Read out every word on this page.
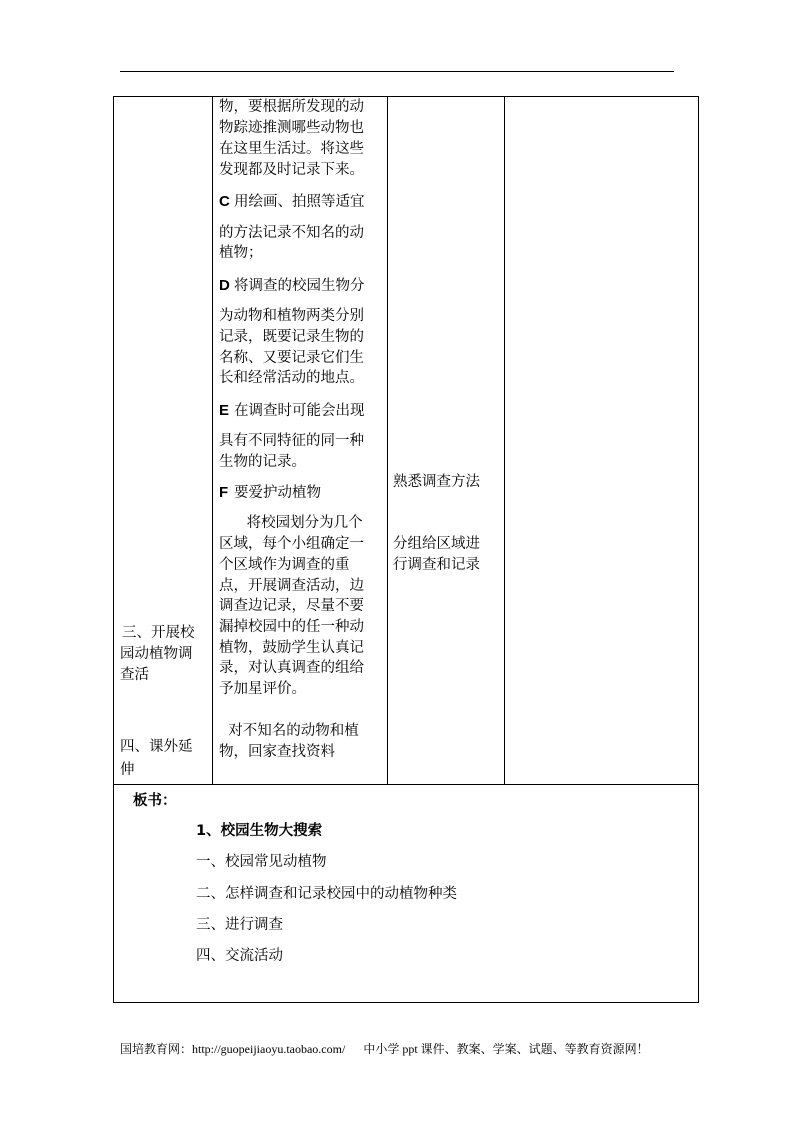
三、开展校
园动植物调
查活
四、课外延
伸
物，要根据所发现的动
物踪迹推测哪些动物也
在这里生活过。将这些
发现都及时记录下来。
C 用绘画、拍照等适宜
的方法记录不知名的动
植物；
D 将调查的校园生物分
为动物和植物两类分别
记录，既要记录生物的
名称、又要记录它们生
长和经常活动的地点。
E 在调查时可能会出现
具有不同特征的同一种
生物的记录。
F 要爱护动植物
将校园划分为几个
区域，每个小组确定一
个区域作为调查的重
点，开展调查活动，边
调查边记录，尽量不要
漏掉校园中的任一种动
植物，鼓励学生认真记
录，对认真调查的组给
予加星评价。
对不知名的动物和植
物，回家查找资料
熟悉调查方法
分组给区域进
行调查和记录
板书：
1、校园生物大搜索
一、校园常见动植物
二、怎样调查和记录校园中的动植物种类
三、进行调查
四、交流活动
国培教育网：http://guopeijiaoyu.taobao.com/ 中小学 ppt 课件、教案、学案、试题、等教育资源网！
